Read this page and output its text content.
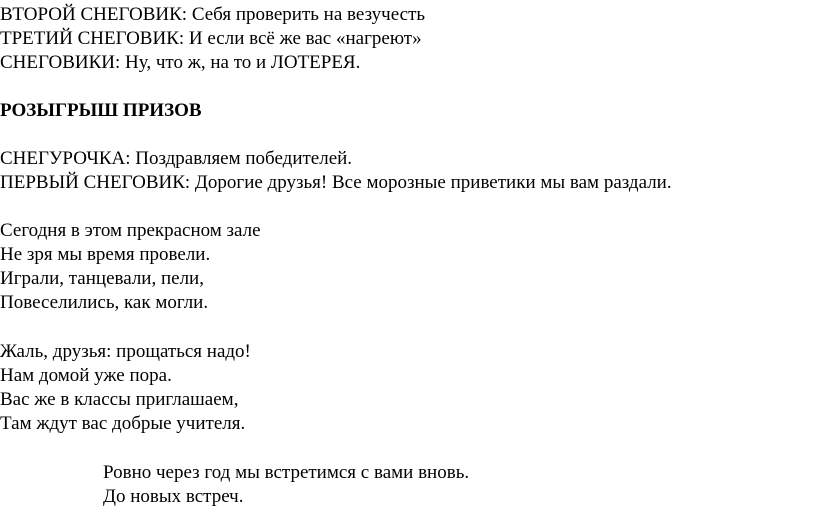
ВТОРОЙ СНЕГОВИК: Себя проверить на везучесть
ТРЕТИЙ СНЕГОВИК: И если всё же вас «нагреют»
СНЕГОВИКИ: Ну, что ж, на то и ЛОТЕРЕЯ.
РОЗЫГРЫШ ПРИЗОВ
СНЕГУРОЧКА: Поздравляем победителей.
ПЕРВЫЙ СНЕГОВИК: Дорогие друзья! Все морозные приветики мы вам раздали.
Сегодня в этом прекрасном зале
Не зря мы время провели.
Играли, танцевали, пели,
Повеселились, как могли.
Жаль, друзья: прощаться надо!
Нам домой уже пора.
Вас же в классы приглашаем,
Там ждут вас добрые учителя.
Ровно через год мы встретимся с вами вновь.
До новых встреч.
